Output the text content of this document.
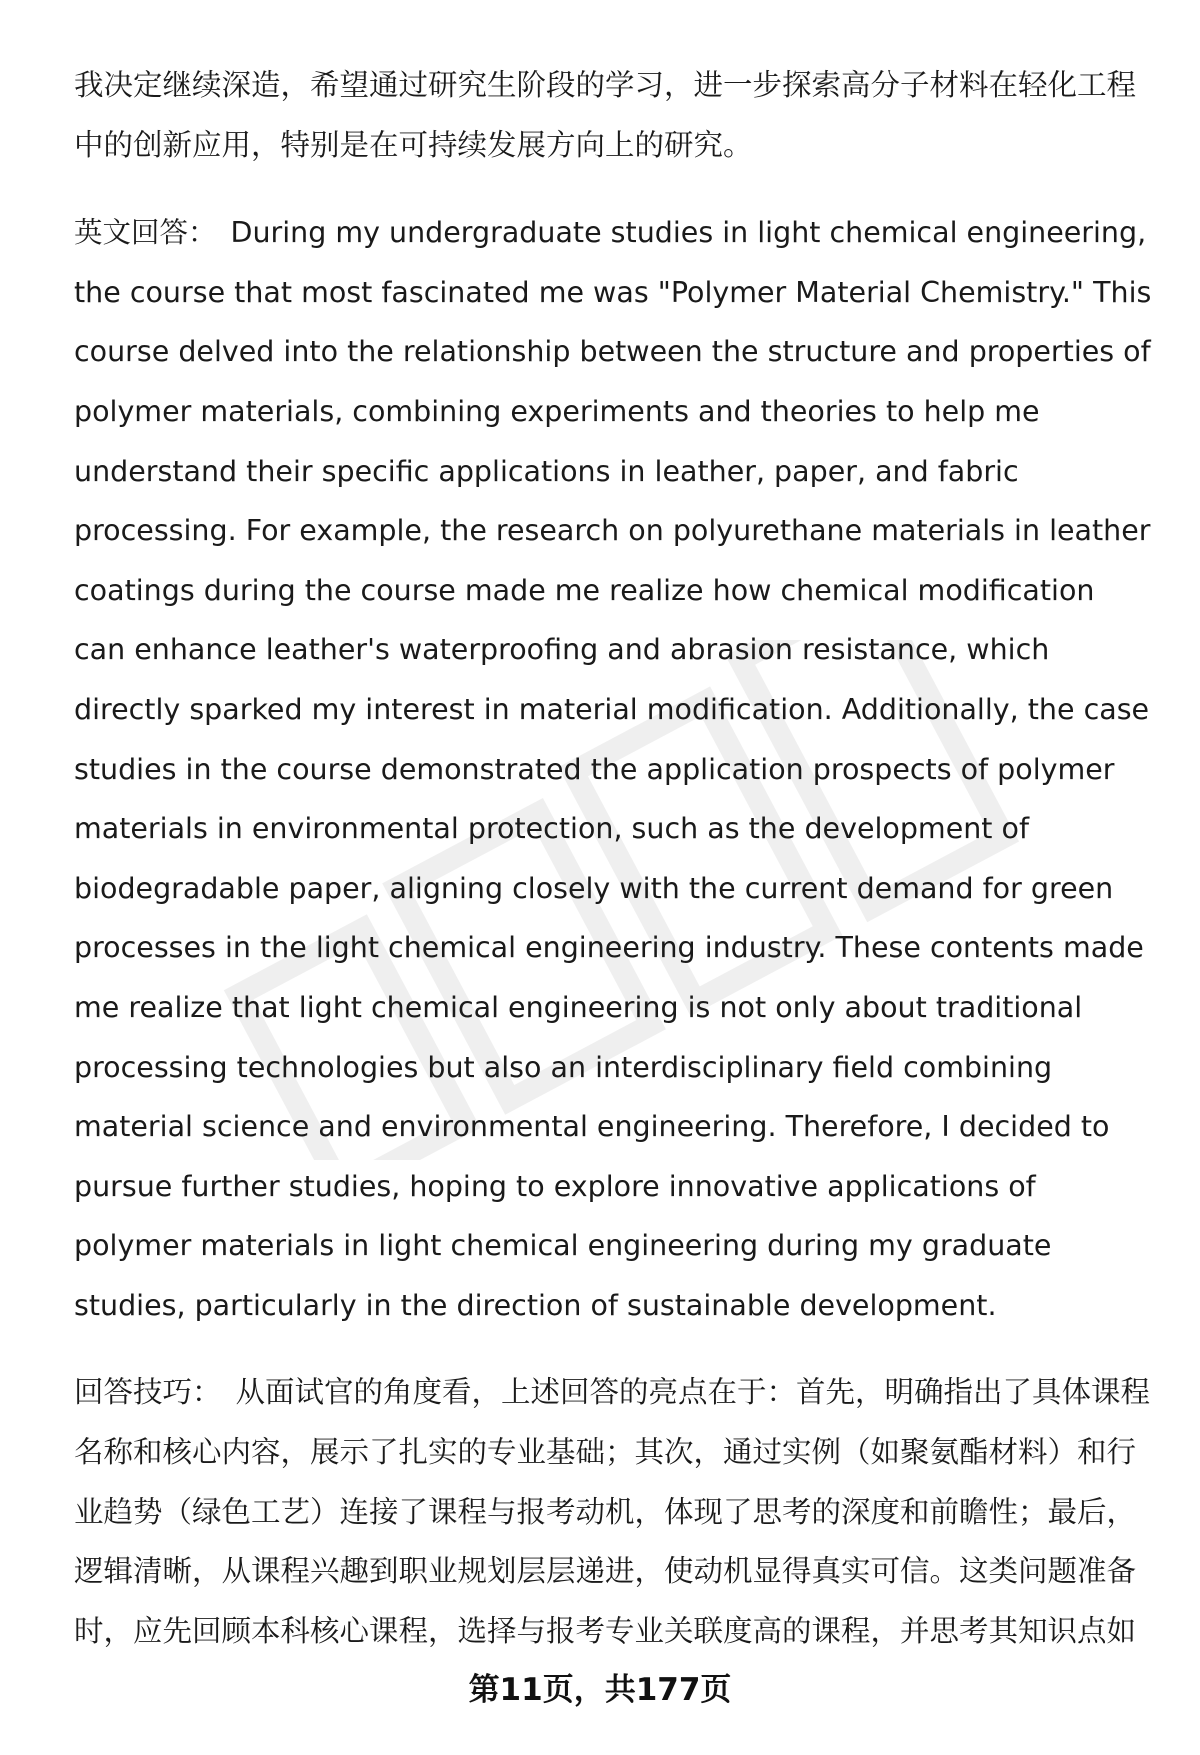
我决定继续深造，希望通过研究生阶段的学习，进一步探索高分子材料在轻化工程中的创新应用，特别是在可持续发展方向上的研究。

英文回答： During my undergraduate studies in light chemical engineering, the course that most fascinated me was "Polymer Material Chemistry." This course delved into the relationship between the structure and properties of polymer materials, combining experiments and theories to help me understand their specific applications in leather, paper, and fabric processing. For example, the research on polyurethane materials in leather coatings during the course made me realize how chemical modification can enhance leather's waterproofing and abrasion resistance, which directly sparked my interest in material modification. Additionally, the case studies in the course demonstrated the application prospects of polymer materials in environmental protection, such as the development of biodegradable paper, aligning closely with the current demand for green processes in the light chemical engineering industry. These contents made me realize that light chemical engineering is not only about traditional processing technologies but also an interdisciplinary field combining material science and environmental engineering. Therefore, I decided to pursue further studies, hoping to explore innovative applications of polymer materials in light chemical engineering during my graduate studies, particularly in the direction of sustainable development.

回答技巧： 从面试官的角度看，上述回答的亮点在于：首先，明确指出了具体课程名称和核心内容，展示了扎实的专业基础；其次，通过实例（如聚氨酯材料）和行业趋势（绿色工艺）连接了课程与报考动机，体现了思考的深度和前瞻性；最后，逻辑清晰，从课程兴趣到职业规划层层递进，使动机显得真实可信。这类问题准备时，应先回顾本科核心课程，选择与报考专业关联度高的课程，并思考其知识点如

第11页，共177页
